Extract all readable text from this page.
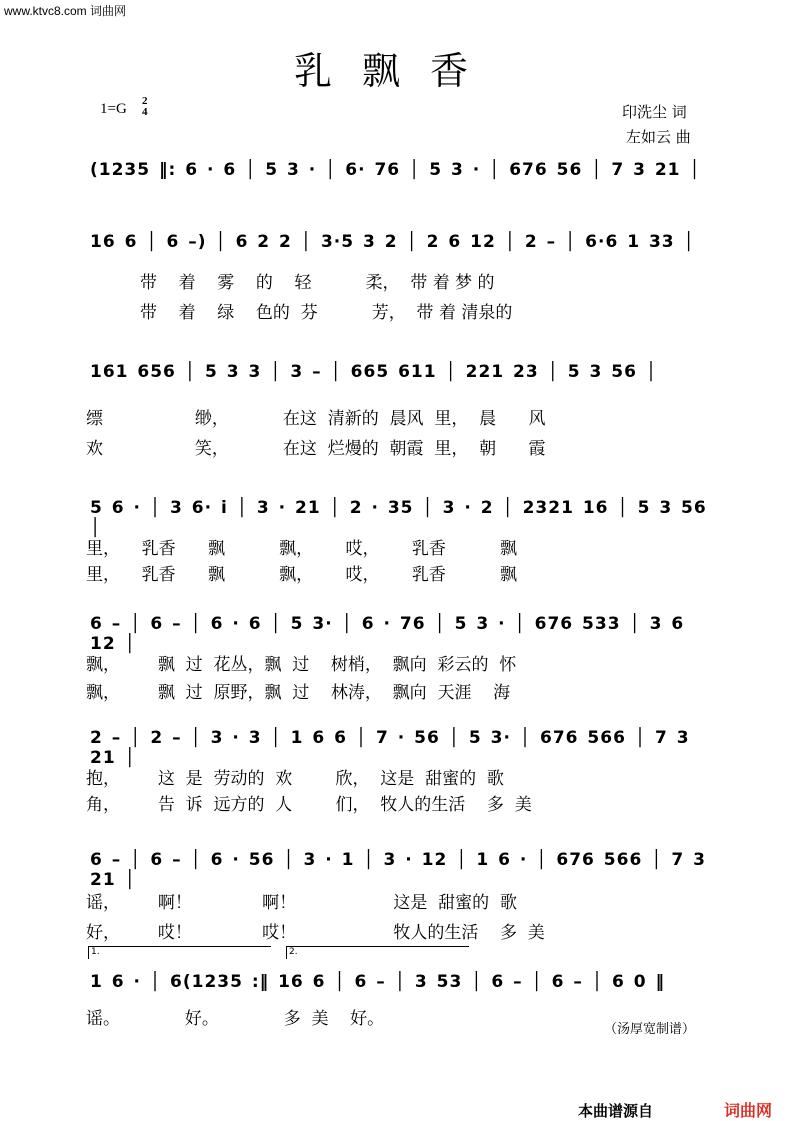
www.ktvc8.com 词曲网
乳飘香
1=G 2
4	印洗尘 词
左如云 曲
(1235 ‖: 6 · 6 │ 5 3 · │ 6· 76 │ 5 3 · │ 676 56 │ 7 3 21 │
16 6 │ 6 –) │ 6 2 2 │ 3·5 3 2 │ 2 6 12 │ 2 – │ 6·6 1 33 │
带    着    雾    的    轻          柔，  带 着 梦 的
带    着    绿    色的  芬          芳，  带 着 清泉的
161 656 │ 5 3 3 │ 3 – │ 665 611 │ 221 23 │ 5 3 56 │
缥                 缈，          在这  清新的  晨风  里，  晨      风
欢                 笑，          在这  烂熳的  朝霞  里，  朝      霞
5 6 · │ 3 6· i │ 3 · 21 │ 2 · 35 │ 3 · 2 │ 2321 16 │ 5 3 56 │
里，    乳香      飘          飘，      哎，      乳香          飘
里，    乳香      飘          飘，      哎，      乳香          飘
6 – │ 6 – │ 6 · 6 │ 5 3· │ 6 · 76 │ 5 3 · │ 676 533 │ 3 6 12 │
飘，       飘  过  花丛，飘  过    树梢，  飘向  彩云的  怀
飘，       飘  过  原野，飘  过    林涛，  飘向  天涯    海
2 – │ 2 – │ 3 · 3 │ 1 6 6 │ 7 · 56 │ 5 3· │ 676 566 │ 7 3 21 │
抱，       这  是  劳动的  欢        欣，  这是  甜蜜的  歌
角，       告  诉  远方的  人        们，  牧人的生活    多  美
6 – │ 6 – │ 6 · 56 │ 3 · 1 │ 3 · 12 │ 1 6 · │ 676 566 │ 7 3 21 │
谣，       啊！             啊！                  这是  甜蜜的  歌
好，       哎！             哎！                  牧人的生活    多  美
1.	2.
1 6 · │ 6(1235 :‖ 16 6 │ 6 – │ 3 53 │ 6 – │ 6 – │ 6 0 ‖
谣。            好。            多  美    好。
（汤厚宽制谱）
本曲谱源自	词曲网
